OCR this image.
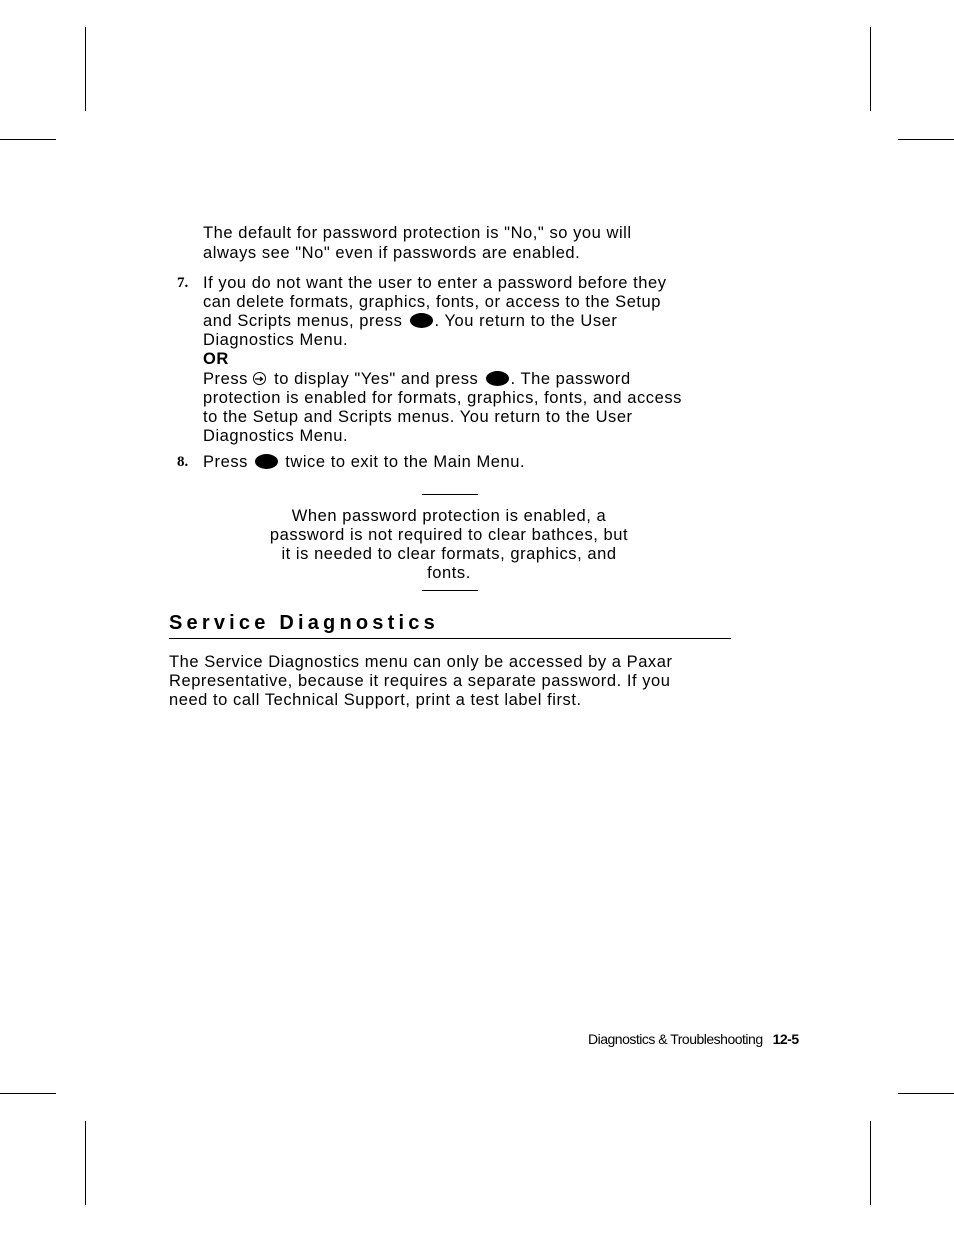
The default for password protection is "No," so you will
always see "No" even if passwords are enabled.
7. If you do not want the user to enter a password before they
can delete formats, graphics, fonts, or access to the Setup
and Scripts menus, press . You return to the User
Diagnostics Menu.
OR
Press to display "Yes" and press . The password
protection is enabled for formats, graphics, fonts, and access
to the Setup and Scripts menus. You return to the User
Diagnostics Menu.
8. Press twice to exit to the Main Menu.
When password protection is enabled, a
password is not required to clear bathces, but
it is needed to clear formats, graphics, and
fonts.
Service Diagnostics
The Service Diagnostics menu can only be accessed by a Paxar
Representative, because it requires a separate password. If you
need to call Technical Support, print a test label first.
Diagnostics & Troubleshooting 12-5
